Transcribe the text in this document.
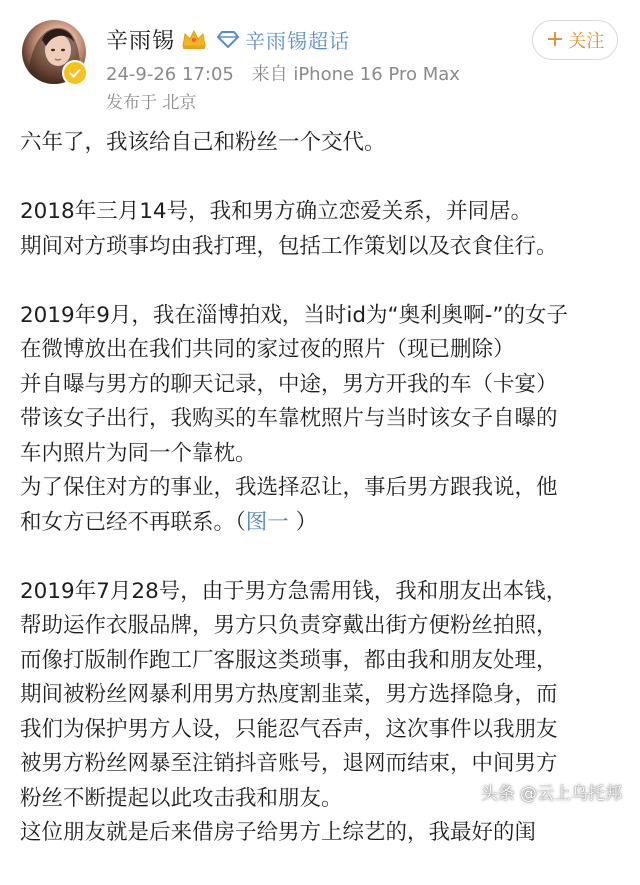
辛雨锡	辛雨锡超话
24-9-26 17:05 来自 iPhone 16 Pro Max
发布于 北京
+ 关注
六年了，我该给自己和粉丝一个交代。
2018年三月14号，我和男方确立恋爱关系，并同居。
期间对方琐事均由我打理，包括工作策划以及衣食住行。
2019年9月，我在淄博拍戏，当时id为“奥利奥啊-”的女子
在微博放出在我们共同的家过夜的照片（现已删除）
并自曝与男方的聊天记录，中途，男方开我的车（卡宴）
带该女子出行，我购买的车靠枕照片与当时该女子自曝的
车内照片为同一个靠枕。
为了保住对方的事业，我选择忍让，事后男方跟我说，他
和女方已经不再联系。（图一 ）
2019年7月28号，由于男方急需用钱，我和朋友出本钱，
帮助运作衣服品牌，男方只负责穿戴出街方便粉丝拍照，
而像打版制作跑工厂客服这类琐事，都由我和朋友处理，
期间被粉丝网暴利用男方热度割韭菜，男方选择隐身，而
我们为保护男方人设，只能忍气吞声，这次事件以我朋友
被男方粉丝网暴至注销抖音账号，退网而结束，中间男方
粉丝不断提起以此攻击我和朋友。
这位朋友就是后来借房子给男方上综艺的，我最好的闺
头条 @云上乌托邦
